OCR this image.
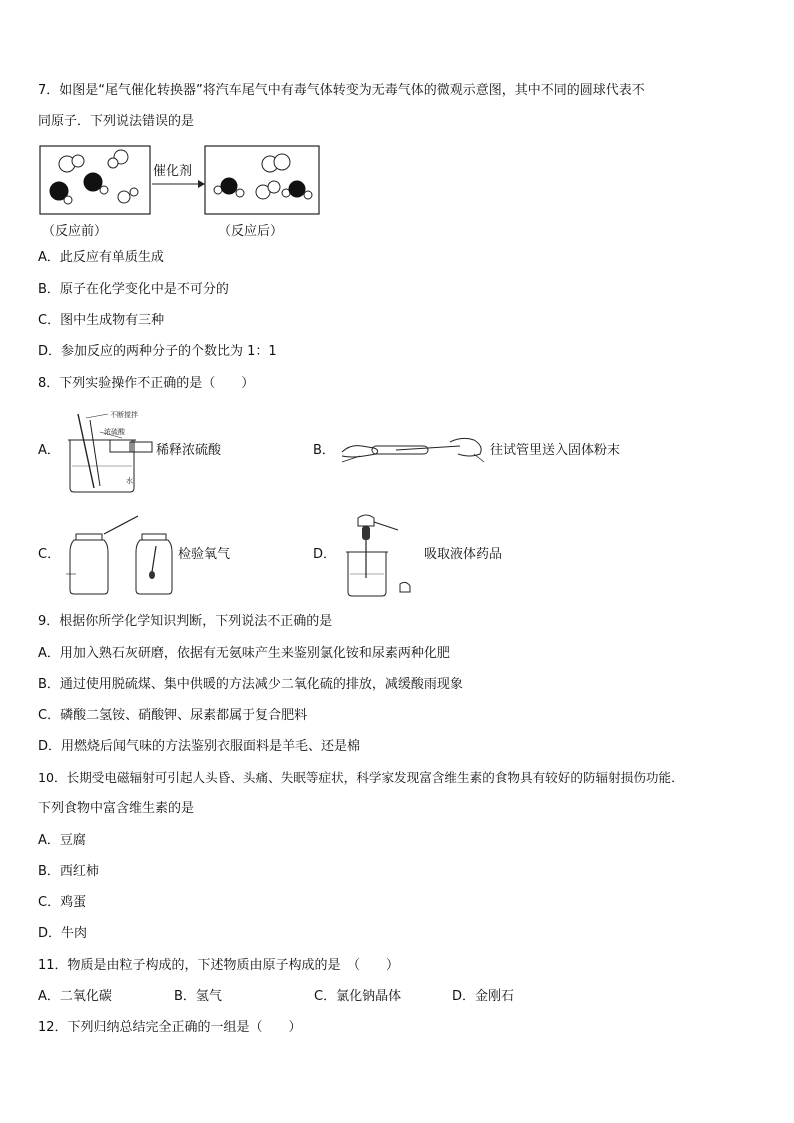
7．如图是“尾气催化转换器”将汽车尾气中有毒气体转变为无毒气体的微观示意图，其中不同的圆球代表不
同原子．下列说法错误的是
催化剂
（反应前）	（反应后）
A．此反应有单质生成
B．原子在化学变化中是不可分的
C．图中生成物有三种
D．参加反应的两种分子的个数比为 1：1
8．下列实验操作不正确的是（　　）
A．
不断搅拌
浓硫酸
水
稀释浓硫酸	B．	往试管里送入固体粉末
C．	检验氧气	D．	吸取液体药品
9．根据你所学化学知识判断，下列说法不正确的是
A．用加入熟石灰研磨，依据有无氨味产生来鉴别氯化铵和尿素两种化肥
B．通过使用脱硫煤、集中供暖的方法减少二氧化硫的排放，减缓酸雨现象
C．磷酸二氢铵、硝酸钾、尿素都属于复合肥料
D．用燃烧后闻气味的方法鉴别衣服面料是羊毛、还是棉
10．长期受电磁辐射可引起人头昏、头痛、失眠等症状，科学家发现富含维生素的食物具有较好的防辐射损伤功能．
下列食物中富含维生素的是
A．豆腐
B．西红柿
C．鸡蛋
D．牛肉
11．物质是由粒子构成的，下述物质由原子构成的是　（　　）
A．二氧化碳	B．氢气	C．氯化钠晶体	D．金刚石
12．下列归纳总结完全正确的一组是（　　）
